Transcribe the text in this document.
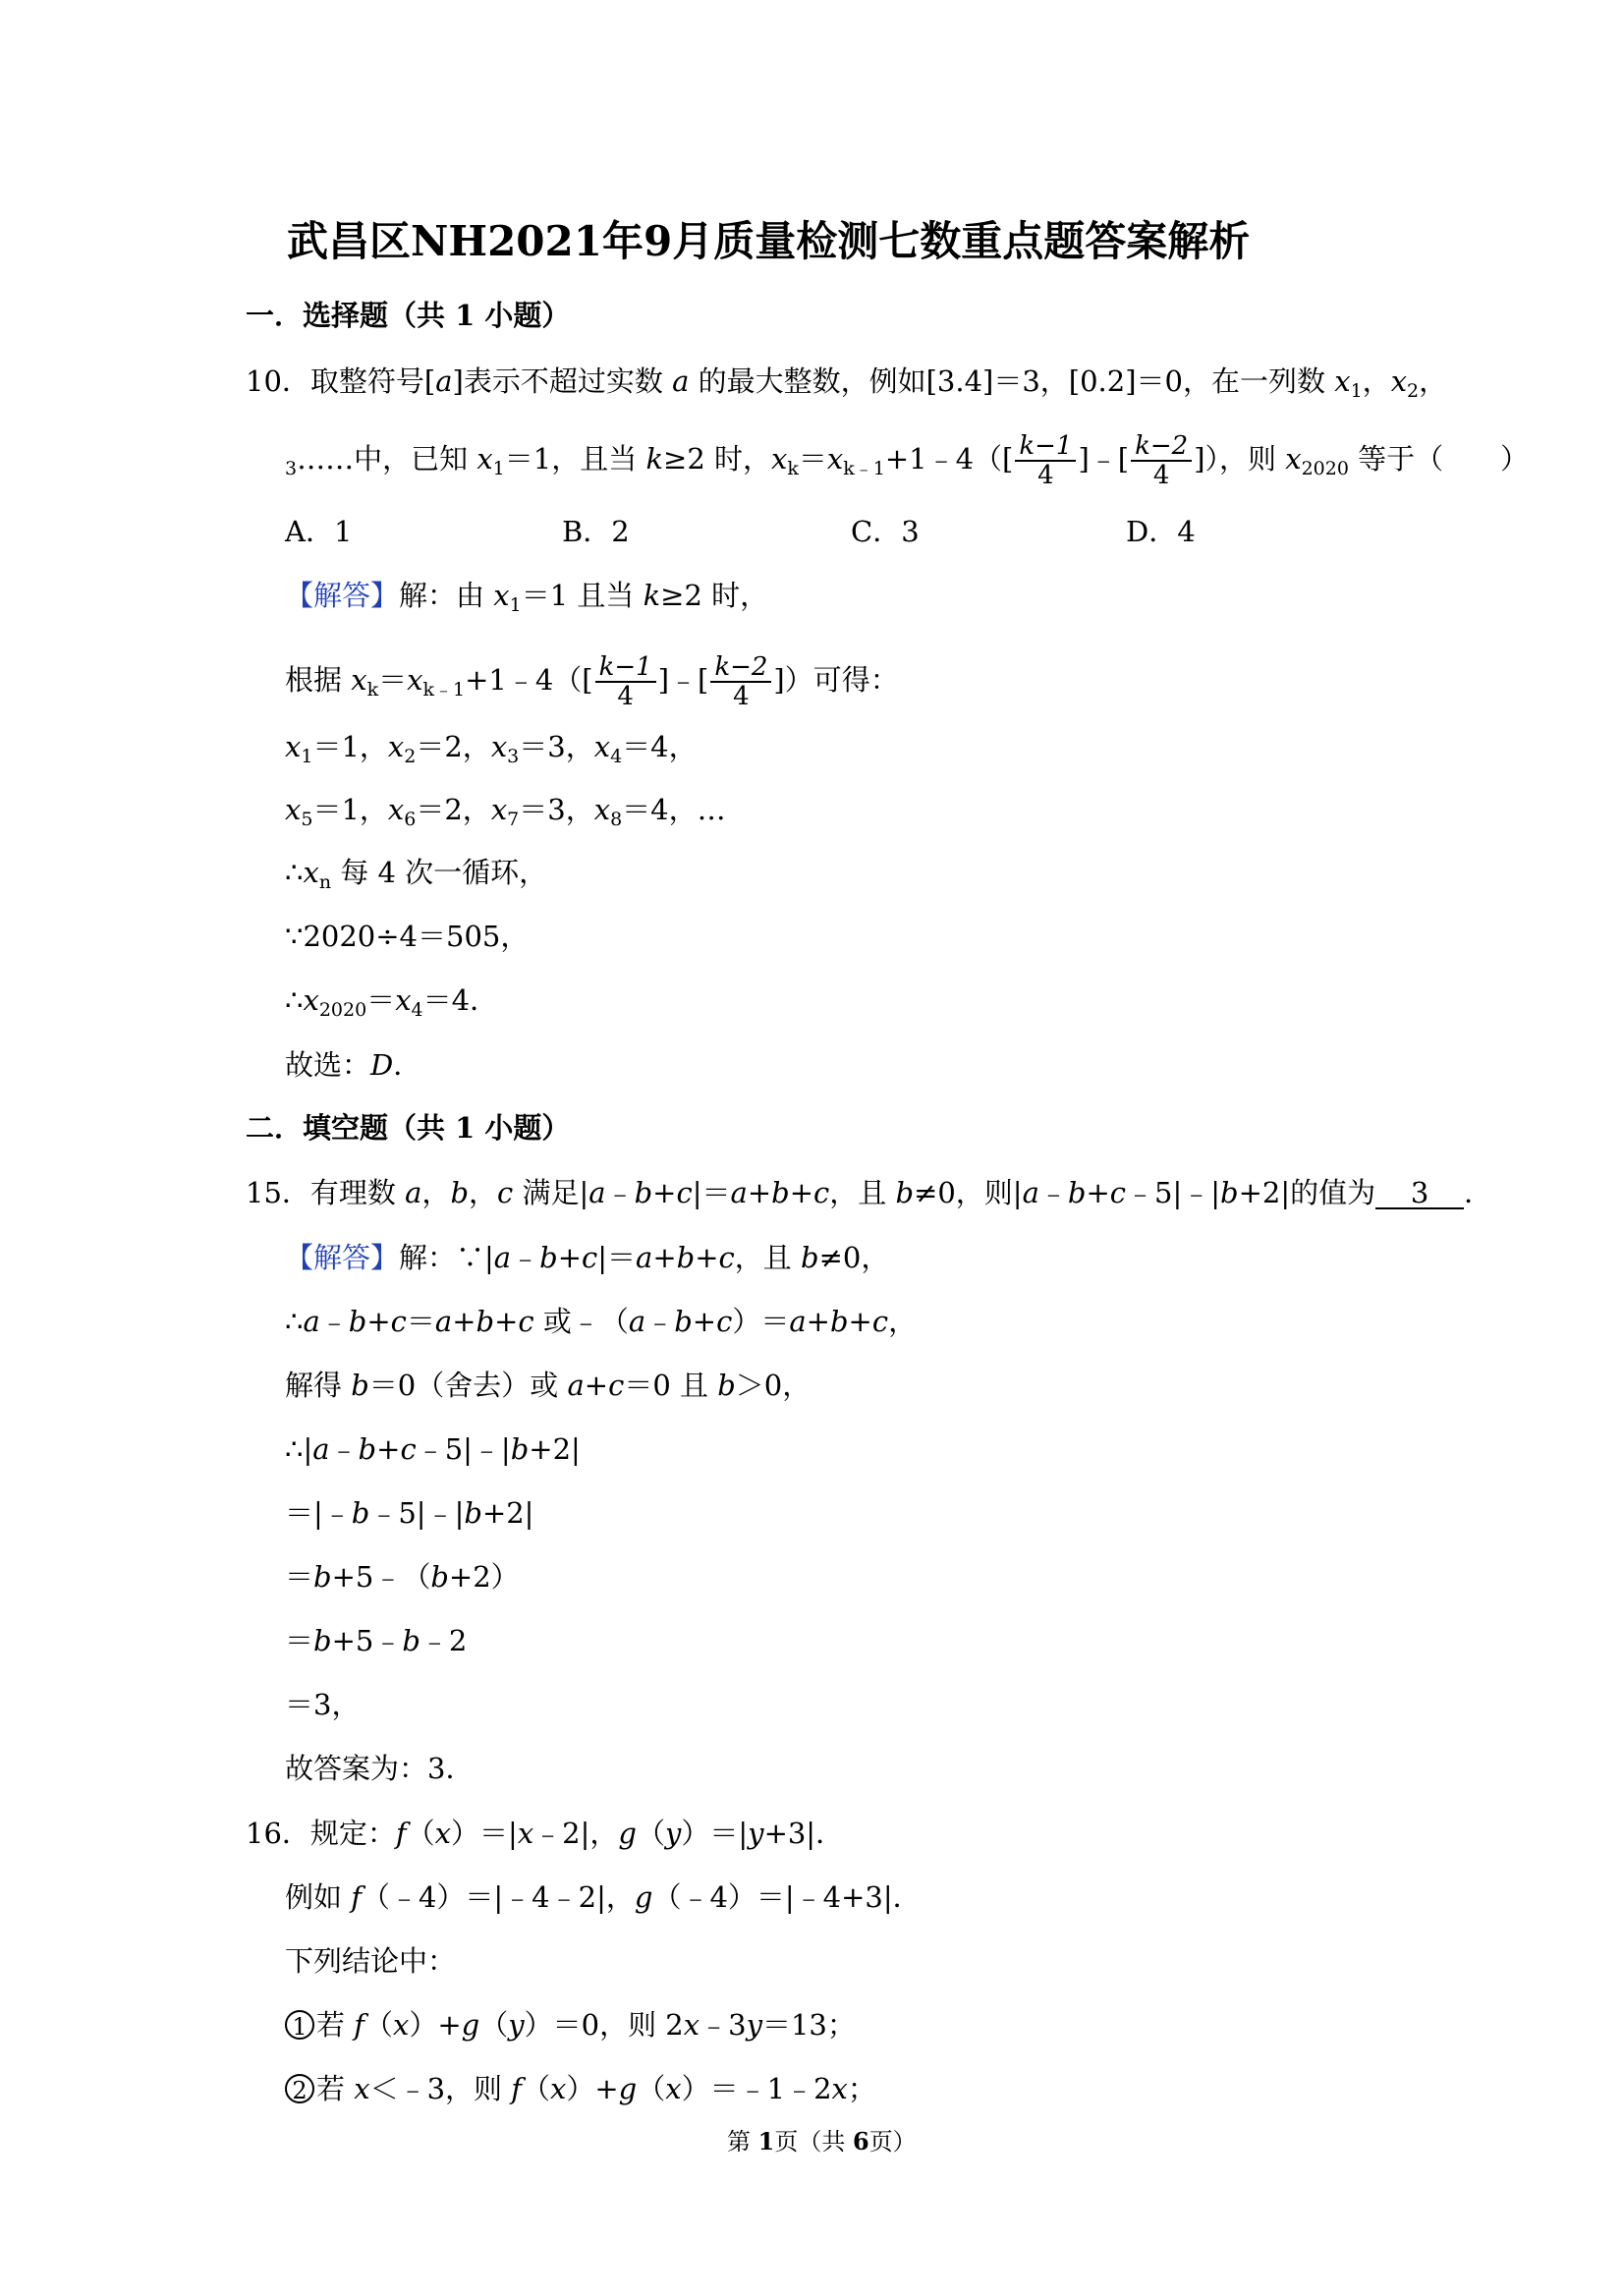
武昌区NH2021年9月质量检测七数重点题答案解析
一．选择题（共 1 小题）
10．取整符号[a]表示不超过实数 a 的最大整数，例如[3.4]＝3，[0.2]＝0，在一列数 $x_1$，$x_2$，
$_3$……中，已知 $x_1=1$，且当 k≥2 时，$x_k=x_{k﹣1}+1﹣4([ \frac{k-1}{4}$ ]﹣[ $\frac{k-2}{4}$ ]），则 $x_{2020}$ 等于（　　）
A．1	B．2	C．3	D．4
【解答】解：由 $x_1=1$ 且当 k≥2 时，
根据 $x_k=x_{k﹣1}+1﹣4([ \frac{k-1}{4}$ ]﹣[ $\frac{k-2}{4}$ ]）可得：
$x_1=1$，$x_2=2$，$x_3=3$，$x_4=4$，
$x_5=1$，$x_6=2$，$x_7=3$，$x_8=4$，…
$\therefore x_n$ 每 4 次一循环，
∵2020÷4＝505，
$\therefore x_{2020}=x_4=4$．
故选：D．
二．填空题（共 1 小题）
15．有理数 a，b，c 满足|a﹣b+c|＝a+b+c，且 b≠0，则|a﹣b+c﹣5|﹣|b+2|的值为 3 ．
【解答】解：∵|a﹣b+c|＝a+b+c，且 b≠0，
∴a﹣b+c＝a+b+c 或﹣（a﹣b+c）＝a+b+c，
解得 b＝0（舍去）或 a+c＝0 且 b＞0，
∴|a﹣b+c﹣5|﹣|b+2|
＝|﹣b﹣5|﹣|b+2|
＝b+5﹣（b+2）
＝b+5﹣b﹣2
＝3，
故答案为：3．
16．规定：f（x）＝|x﹣2|，g（y）＝|y+3|．
例如 f（﹣4）＝|﹣4﹣2|，g（﹣4）＝|﹣4+3|．
下列结论中：
1 若 f（x）+g（y）＝0，则 2x﹣3y＝13；
2 若 x＜﹣3，则 f（x）+g（x）＝﹣1﹣2x；
第 1页（共 6页）
